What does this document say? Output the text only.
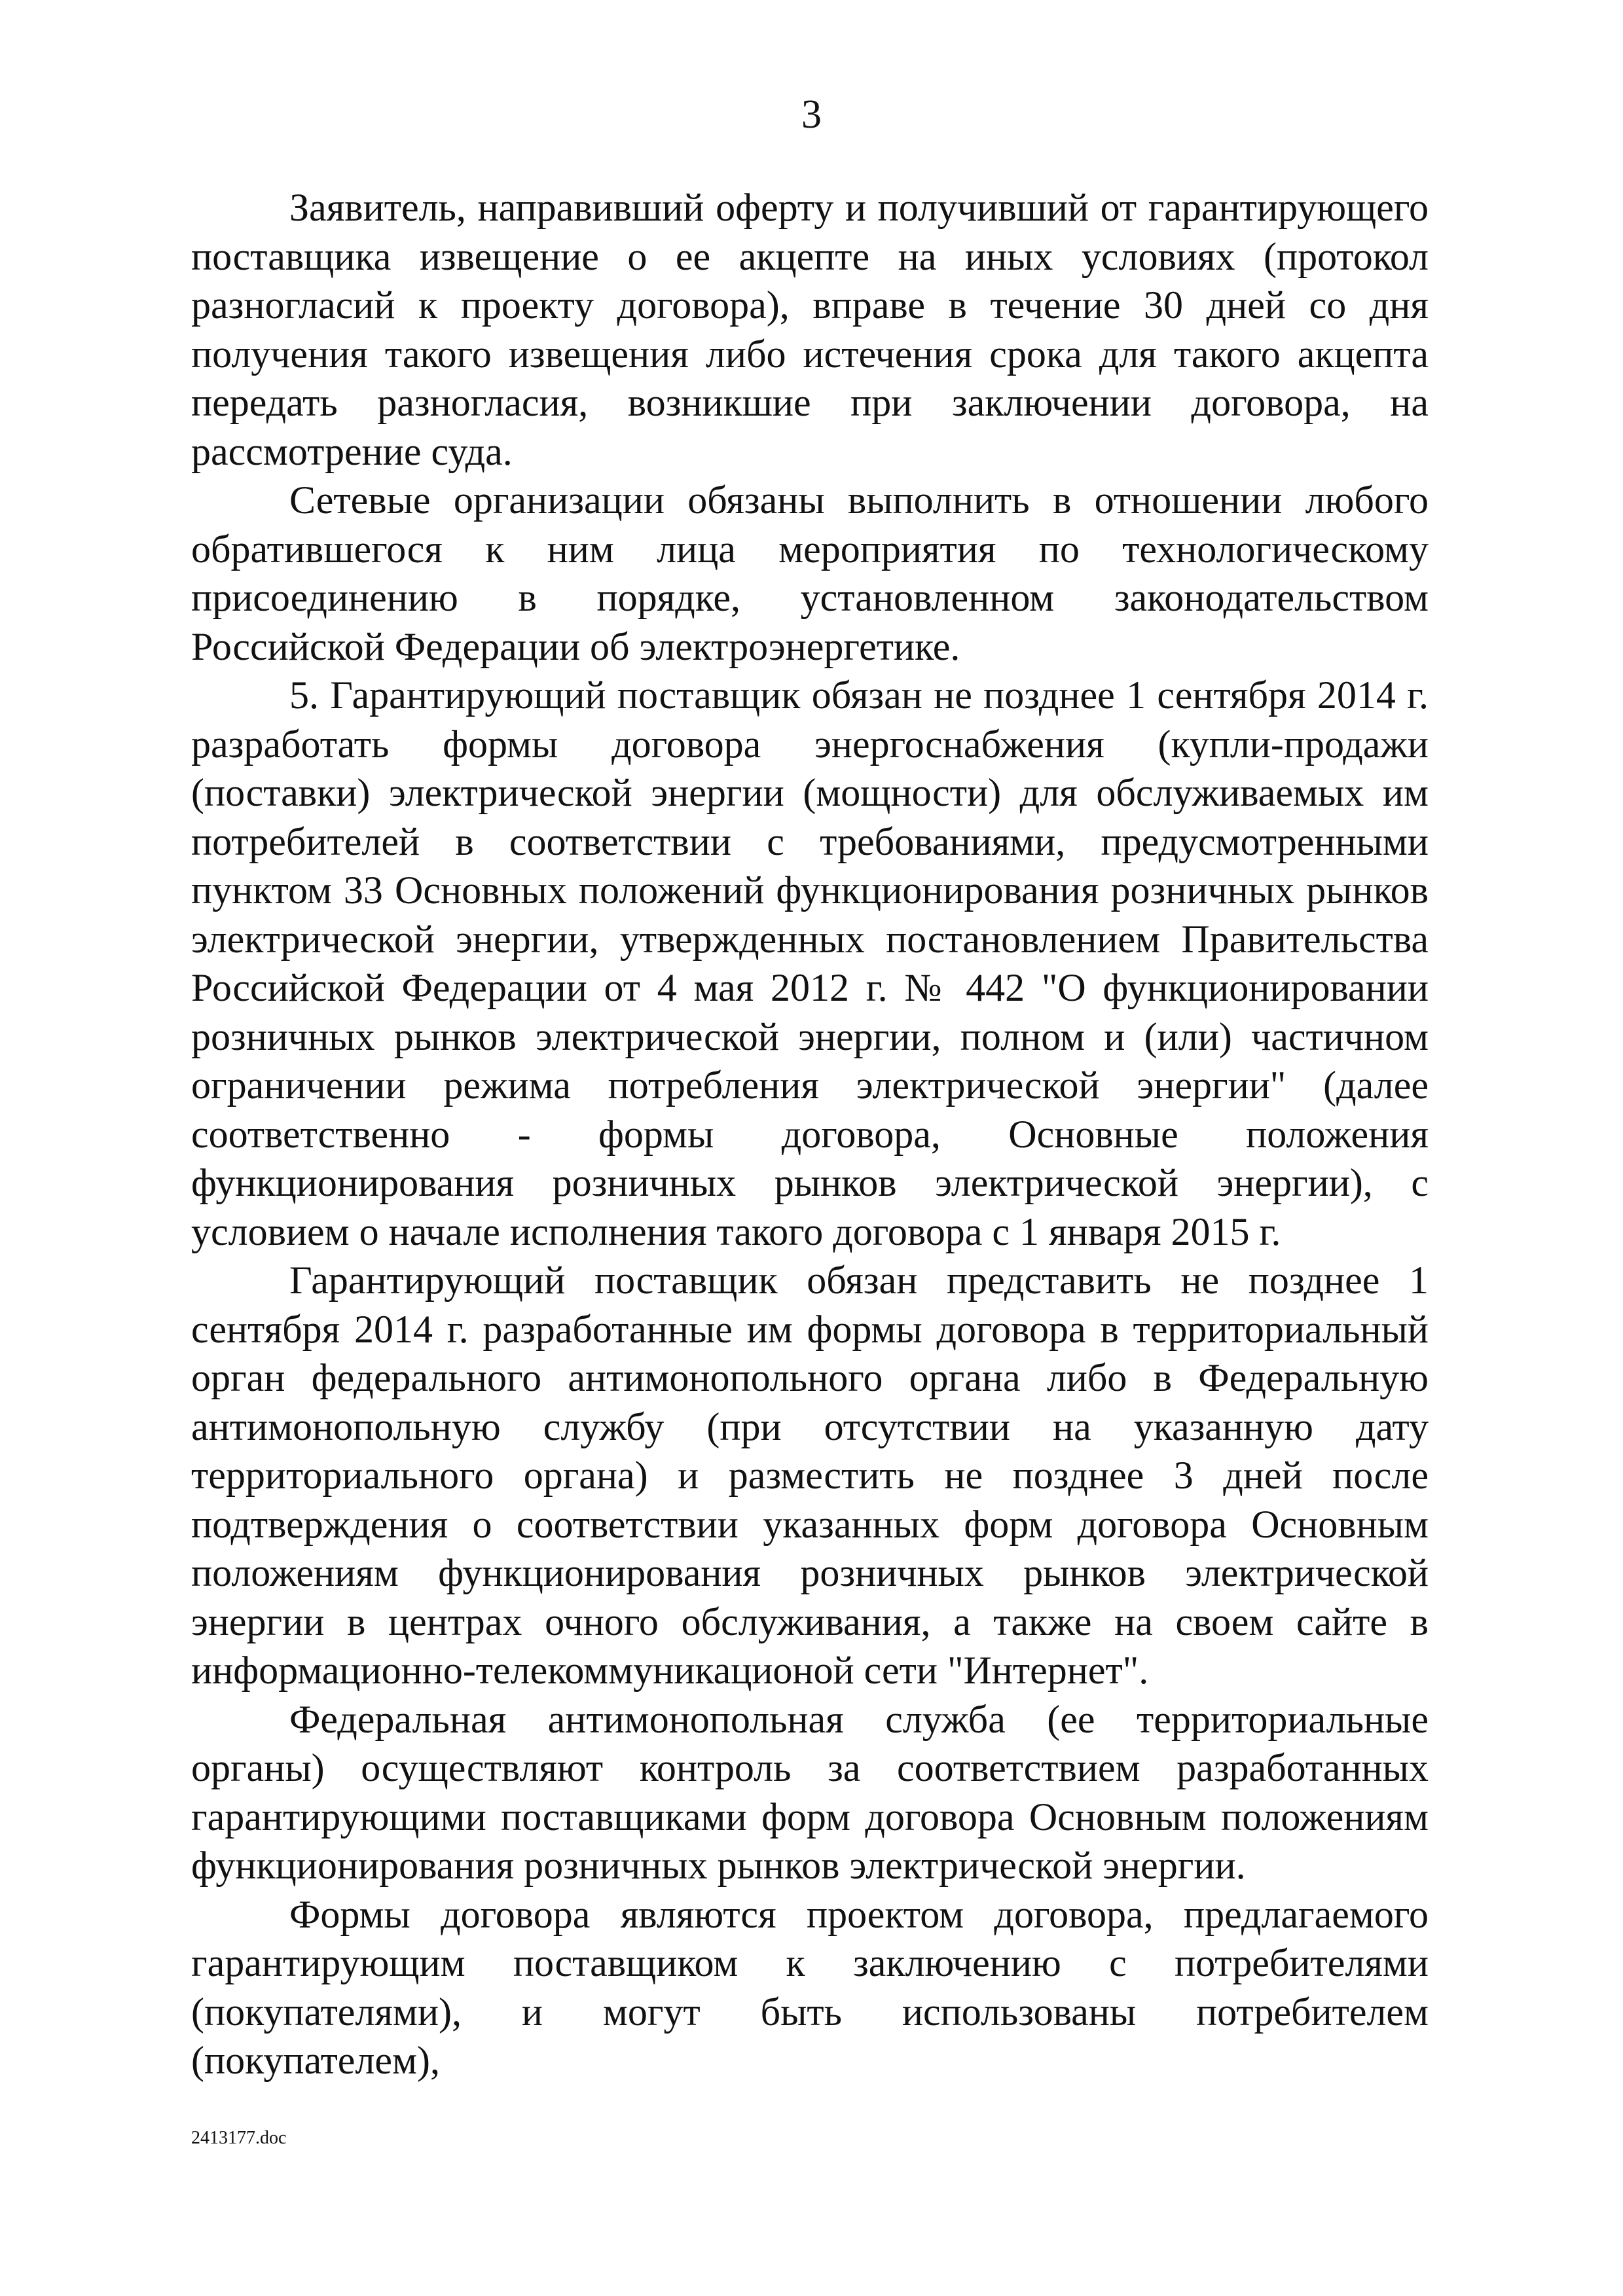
3

Заявитель, направивший оферту и получивший от гарантирующего поставщика извещение о ее акцепте на иных условиях (протокол разногласий к проекту договора), вправе в течение 30 дней со дня получения такого извещения либо истечения срока для такого акцепта передать разногласия, возникшие при заключении договора, на рассмотрение суда.

Сетевые организации обязаны выполнить в отношении любого обратившегося к ним лица мероприятия по технологическому присоединению в порядке, установленном законодательством Российской Федерации об электроэнергетике.

5. Гарантирующий поставщик обязан не позднее 1 сентября 2014 г. разработать формы договора энергоснабжения (купли-продажи (поставки) электрической энергии (мощности) для обслуживаемых им потребителей в соответствии с требованиями, предусмотренными пунктом 33 Основных положений функционирования розничных рынков электрической энергии, утвержденных постановлением Правительства Российской Федерации от 4 мая 2012 г. № 442 "О функционировании розничных рынков электрической энергии, полном и (или) частичном ограничении режима потребления электрической энергии" (далее соответственно - формы договора, Основные положения функционирования розничных рынков электрической энергии), с условием о начале исполнения такого договора с 1 января 2015 г.

Гарантирующий поставщик обязан представить не позднее 1 сентября 2014 г. разработанные им формы договора в территориальный орган федерального антимонопольного органа либо в Федеральную антимонопольную службу (при отсутствии на указанную дату территориального органа) и разместить не позднее 3 дней после подтверждения о соответствии указанных форм договора Основным положениям функционирования розничных рынков электрической энергии в центрах очного обслуживания, а также на своем сайте в информационно-телекоммуникационой сети "Интернет".

Федеральная антимонопольная служба (ее территориальные органы) осуществляют контроль за соответствием разработанных гарантирующими поставщиками форм договора Основным положениям функционирования розничных рынков электрической энергии.

Формы договора являются проектом договора, предлагаемого гарантирующим поставщиком к заключению с потребителями (покупателями), и могут быть использованы потребителем (покупателем),

2413177.doc
